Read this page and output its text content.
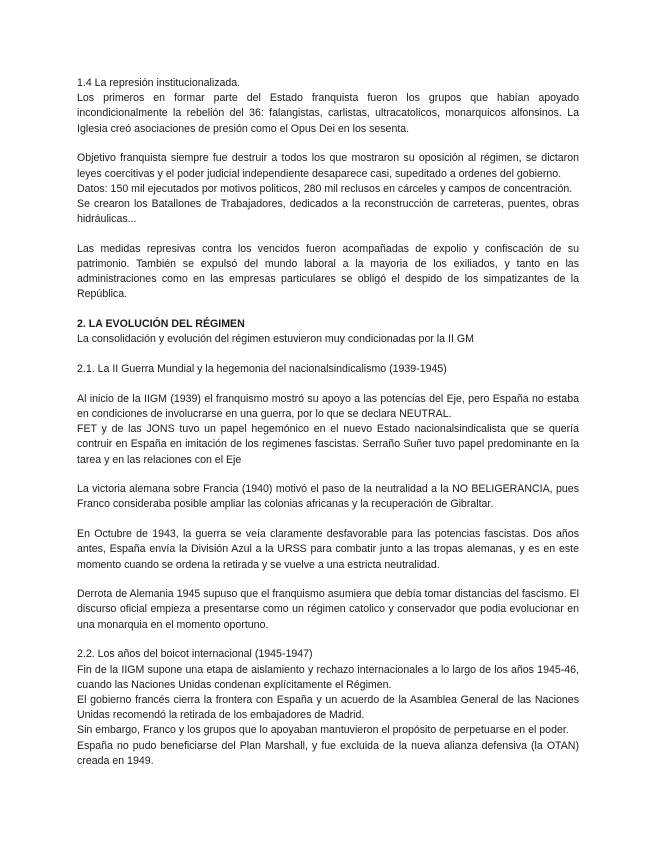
1.4 La represión institucionalizada.

Los primeros en formar parte del Estado franquista fueron los grupos que habían apoyado incondicionalmente la rebelión del 36: falangistas, carlistas, ultracatolicos, monarquicos alfonsinos. La Iglesia creó asociaciones de presión como el Opus Dei en los sesenta.

Objetivo franquista siempre fue destruir a todos los que mostraron su oposición al régimen, se dictaron leyes coercitivas y el poder judicial independiente desaparece casi, supeditado a ordenes del gobierno.

Datos: 150 mil ejecutados por motivos politicos, 280 mil reclusos en cárceles y campos de concentración.

Se crearon los Batallones de Trabajadores, dedicados a la reconstrucción de carreteras, puentes, obras hidráulicas...

Las medidas represivas contra los vencidos fueron acompañadas de expolio y confiscación de su patrimonio. También se expulsó del mundo laboral a la mayoria de los exiliados, y tanto en las administraciones como en las empresas particulares se obligó el despido de los simpatizantes de la República.

2. LA EVOLUCIÓN DEL RÉGIMEN

La consolidación y evolución del régimen estuvieron muy condicionadas por la II GM

2.1. La II Guerra Mundial y la hegemonia del nacionalsindicalismo (1939-1945)

Al inicio de la IIGM (1939) el franquismo mostró su apoyo a las potencias del Eje, pero España no estaba en condiciones de involucrarse en una guerra, por lo que se declara NEUTRAL.

FET y de las JONS tuvo un papel hegemónico en el nuevo Estado nacionalsindicalista que se quería contruir en España en imitación de los regimenes fascistas. Serraño Suñer tuvo papel predominante en la tarea y en las relaciones con el Eje

La victoria alemana sobre Francia (1940) motivó el paso de la neutralidad a la NO BELIGERANCIA, pues Franco consideraba posible ampliar las colonias africanas y la recuperación de Gibraltar.

En Octubre de 1943, la guerra se veía claramente desfavorable para las potencias fascistas. Dos años antes, España envía la División Azul a la URSS para combatir junto a las tropas alemanas, y es en este momento cuando se ordena la retirada y se vuelve a una estricta neutralidad.

Derrota de Alemania 1945 supuso que el franquismo asumiera que debía tomar distancias del fascismo. El discurso oficial empieza a presentarse como un régimen catolico y conservador que podia evolucionar en una monarquia en el momento oportuno.

2.2. Los años del boicot internacional (1945-1947)

Fin de la IIGM supone una etapa de aislamiento y rechazo internacionales a lo largo de los años 1945-46, cuando las Naciones Unidas condenan explícitamente el Régimen.

El gobierno francés cierra la frontera con España y un acuerdo de la Asamblea General de las Naciones Unidas recomendó la retirada de los embajadores de Madrid.

Sin embargo, Franco y los grupos que lo apoyaban mantuvieron el propósito de perpetuarse en el poder.

España no pudo beneficiarse del Plan Marshall, y fue excluida de la nueva alianza defensiva (la OTAN) creada en 1949.
